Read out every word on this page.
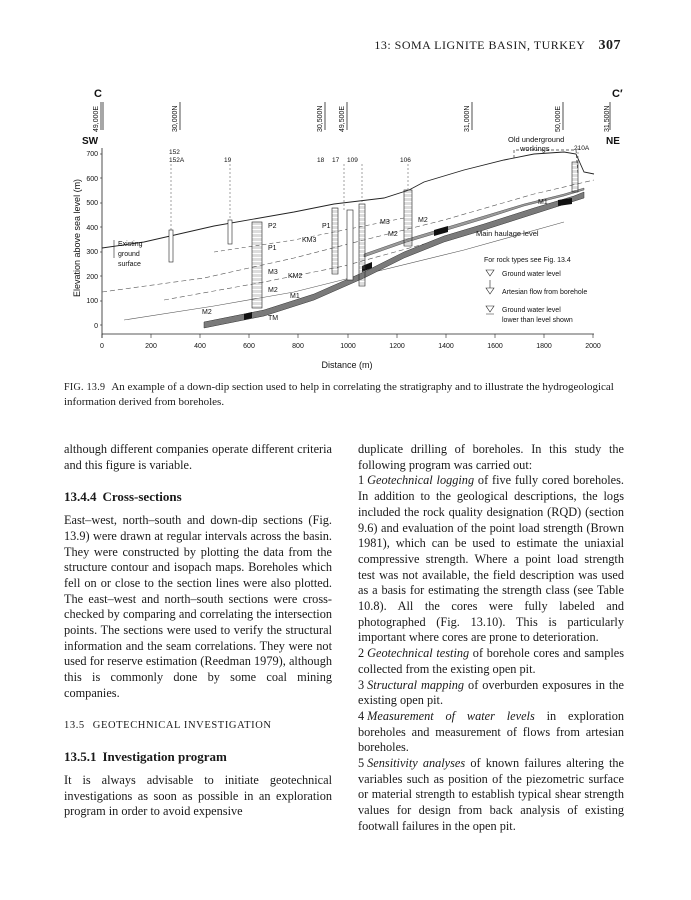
13: SOMA LIGNITE BASIN, TURKEY 307
C	C′
49,000E	30,000N	30,500N 49,500E	31,000N	50,000E	31,500N
SW	NE
Elevation above sea level (m)
700
600
500
400
300
200
100
0
0	200	400	600	800	1000	1200	1400	1600	1800	2000
Distance (m)
152
152A	19	18 17 109	106
210A
Old underground
workings
Existing
ground
surface
P2
P1
KM3
M3
KM2
M2
M1
TM
M3	M2
M2
P1
M2
M1
Main haulage level
For rock types see Fig. 13.4
Ground water level
Artesian flow from borehole
Ground water level
lower than level shown
FIG. 13.9 An example of a down-dip section used to help in correlating the stratigraphy and to illustrate the hydrogeological information derived from boreholes.

although different companies operate different criteria and this figure is variable.

13.4.4 Cross-sections

East–west, north–south and down-dip sections (Fig. 13.9) were drawn at regular intervals across the basin. They were constructed by plotting the data from the structure contour and isopach maps. Boreholes which fell on or close to the section lines were also plotted. The east–west and north–south sections were cross-checked by comparing and correlating the intersection points. The sections were used to verify the structural information and the seam correlations. They were not used for reserve estimation (Reedman 1979), although this is commonly done by some coal mining companies.

13.5 GEOTECHNICAL INVESTIGATION
13.5.1 Investigation program

It is always advisable to initiate geotechnical investigations as soon as possible in an exploration program in order to avoid expensive

duplicate drilling of boreholes. In this study the following program was carried out:

1 Geotechnical logging of five fully cored boreholes. In addition to the geological descriptions, the logs included the rock quality designation (RQD) (section 9.6) and evaluation of the point load strength (Brown 1981), which can be used to estimate the uniaxial compressive strength. Where a point load strength test was not available, the field description was used as a basis for estimating the strength class (see Table 10.8). All the cores were fully labeled and photographed (Fig. 13.10). This is particularly important where cores are prone to deterioration.

2 Geotechnical testing of borehole cores and samples collected from the existing open pit.

3 Structural mapping of overburden exposures in the existing open pit.

4 Measurement of water levels in exploration boreholes and measurement of flows from artesian boreholes.

5 Sensitivity analyses of known failures altering the variables such as position of the piezometric surface or material strength to establish typical shear strength values for design from back analysis of existing footwall failures in the open pit.
